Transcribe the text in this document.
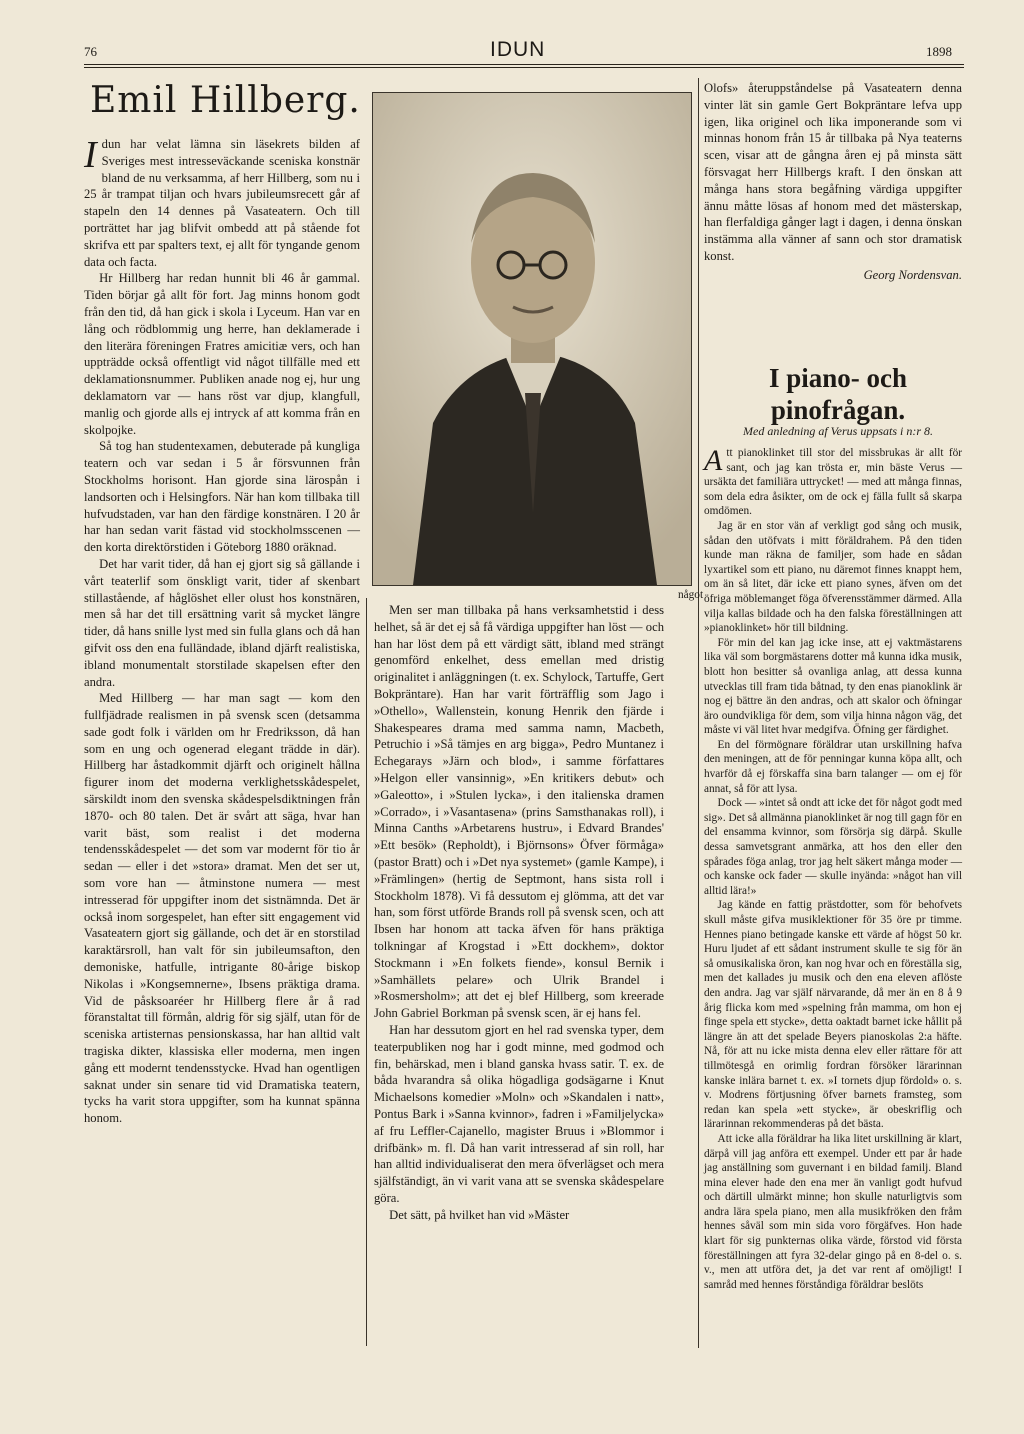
76	IDUN	1898
Emil Hillberg.

Idun har velat lämna sin läsekrets bilden af Sveriges mest intresseväckande sceniska konstnär bland de nu verksamma, af herr Hillberg, som nu i 25 år trampat tiljan och hvars jubileumsrecett går af stapeln den 14 dennes på Vasateatern. Och till porträttet har jag blifvit ombedd att på stående fot skrifva ett par spalters text, ej allt för tyngande genom data och facta.

Hr Hillberg har redan hunnit bli 46 år gammal. Tiden börjar gå allt för fort. Jag minns honom godt från den tid, då han gick i skola i Lyceum. Han var en lång och rödblommig ung herre, han deklamerade i den literära föreningen Fratres amicitiæ vers, och han uppträdde också offentligt vid något tillfälle med ett deklamationsnummer. Publiken anade nog ej, hur ung deklamatorn var — hans röst var djup, klangfull, manlig och gjorde alls ej intryck af att komma från en skolpojke.

Så tog han studentexamen, debuterade på kungliga teatern och var sedan i 5 år försvunnen från Stockholms horisont. Han gjorde sina lärospån i landsorten och i Helsingfors. När han kom tillbaka till hufvudstaden, var han den färdige konstnären. I 20 år har han sedan varit fästad vid stockholmsscenen — den korta direktörstiden i Göteborg 1880 oräknad.

Det har varit tider, då han ej gjort sig så gällande i vårt teaterlif som önskligt varit, tider af skenbart stillastående, af håglöshet eller olust hos konstnären, men så har det till ersättning varit så mycket längre tider, då hans snille lyst med sin fulla glans och då han gifvit oss den ena fulländade, ibland djärft realistiska, ibland monumentalt storstilade skapelsen efter den andra.

Med Hillberg — har man sagt — kom den fullfjädrade realismen in på svensk scen (detsamma sade godt folk i världen om hr Fredriksson, då han som en ung och ogenerad elegant trädde in där). Hillberg har åstadkommit djärft och originelt hållna figurer inom det moderna verklighetsskådespelet, särskildt inom den svenska skådespelsdiktningen från 1870- och 80 talen. Det är svårt att säga, hvar han varit bäst, som realist i det moderna tendensskådespelet — det som var modernt för tio år sedan — eller i det »stora» dramat. Men det ser ut, som vore han — åtminstone numera — mest intresserad för uppgifter inom det sistnämnda. Det är också inom sorgespelet, han efter sitt engagement vid Vasateatern gjort sig gällande, och det är en storstilad karaktärsroll, han valt för sin jubileumsafton, den demoniske, hatfulle, intrigante 80-årige biskop Nikolas i »Kongsemnerne», Ibsens präktiga drama. Vid de påsksoaréer hr Hillberg flere år å rad föranstaltat till förmån, aldrig för sig själf, utan för de sceniska artisternas pensionskassa, har han alltid valt tragiska dikter, klassiska eller moderna, men ingen gång ett modernt tendensstycke. Hvad han ogentligen saknat under sin senare tid vid Dramatiska teatern, tycks ha varit stora uppgifter, som ha kunnat spänna honom.

Men ser man tillbaka på hans verksamhetstid i dess helhet, så är det ej så få värdiga uppgifter han löst — och han har löst dem på ett värdigt sätt, ibland med strängt genomförd enkelhet, dess emellan med dristig originalitet i anläggningen (t. ex. Schylock, Tartuffe, Gert Bokpräntare). Han har varit förträfflig som Jago i »Othello», Wallenstein, konung Henrik den fjärde i Shakespeares drama med samma namn, Macbeth, Petruchio i »Så tämjes en arg bigga», Pedro Muntanez i Echegarays »Järn och blod», i samme författares »Helgon eller vansinnig», »En kritikers debut» och »Galeotto», i »Stulen lycka», i den italienska dramen »Corrado», i »Vasantasena» (prins Samsthanakas roll), i Minna Canths »Arbetarens hustru», i Edvard Brandes' »Ett besök» (Repholdt), i Björnsons» Öfver förmåga» (pastor Bratt) och i »Det nya systemet» (gamle Kampe), i »Främlingen» (hertig de Septmont, hans sista roll i Stockholm 1878). Vi få dessutom ej glömma, att det var han, som först utförde Brands roll på svensk scen, och att Ibsen har honom att tacka äfven för hans präktiga tolkningar af Krogstad i »Ett dockhem», doktor Stockmann i »En folkets fiende», konsul Bernik i »Samhällets pelare» och Ulrik Brandel i »Rosmersholm»; att det ej blef Hillberg, som kreerade John Gabriel Borkman på svensk scen, är ej hans fel.

Han har dessutom gjort en hel rad svenska typer, dem teaterpubliken nog har i godt minne, med godmod och fin, behärskad, men i bland ganska hvass satir. T. ex. de båda hvarandra så olika högadliga godsägarne i Knut Michaelsons komedier »Moln» och »Skandalen i natt», Pontus Bark i »Sanna kvinnor», fadren i »Familjelycka» af fru Leffler-Cajanello, magister Bruus i »Blommor i drifbänk» m. fl. Då han varit intresserad af sin roll, har han alltid individualiserat den mera öfverlägset och mera själfständigt, än vi varit vana att se svenska skådespelare göra.

Det sätt, på hvilket han vid »Mäster

Olofs» återuppståndelse på Vasateatern denna vinter lät sin gamle Gert Bokpräntare lefva upp igen, lika originel och lika imponerande som vi minnas honom från 15 år tillbaka på Nya teaterns scen, visar att de gångna åren ej på minsta sätt försvagat herr Hillbergs kraft. I den önskan att många hans stora begåfning värdiga uppgifter ännu måtte lösas af honom med det mästerskap, han flerfaldiga gånger lagt i dagen, i denna önskan instämma alla vänner af sann och stor dramatisk konst.

Georg Nordensvan.
I piano- och pinofrågan.
Med anledning af Verus uppsats i n:r 8.
något

Att pianoklinket till stor del missbrukas är allt för sant, och jag kan trösta er, min bäste Verus — ursäkta det familiära uttrycket! — med att många finnas, som dela edra åsikter, om de ock ej fälla fullt så skarpa omdömen.

Jag är en stor vän af verkligt god sång och musik, sådan den utöfvats i mitt föräldrahem. På den tiden kunde man räkna de familjer, som hade en sådan lyxartikel som ett piano, nu däremot finnes knappt hem, om än så litet, där icke ett piano synes, äfven om det öfriga möblemanget föga öfverensstämmer därmed. Alla vilja kallas bildade och ha den falska föreställningen att »pianoklinket» hör till bildning.

För min del kan jag icke inse, att ej vaktmästarens lika väl som borgmästarens dotter må kunna idka musik, blott hon besitter så ovanliga anlag, att dessa kunna utvecklas till fram tida båtnad, ty den enas pianoklink är nog ej bättre än den andras, och att skalor och öfningar äro oundvikliga för dem, som vilja hinna någon väg, det måste vi väl litet hvar medgifva. Öfning ger färdighet.

En del förmögnare föräldrar utan urskillning hafva den meningen, att de för penningar kunna köpa allt, och hvarför då ej förskaffa sina barn talanger — om ej för annat, så för att lysa.

Dock — »intet så ondt att icke det för något godt med sig». Det så allmänna pianoklinket är nog till gagn för en del ensamma kvinnor, som försörja sig därpå. Skulle dessa samvetsgrant anmärka, att hos den eller den spårades föga anlag, tror jag helt säkert många moder — och kanske ock fader — skulle inyända: »något han vill alltid lära!»

Jag kände en fattig prästdotter, som för behofvets skull måste gifva musiklektioner för 35 öre pr timme. Hennes piano betingade kanske ett värde af högst 50 kr. Huru ljudet af ett sådant instrument skulle te sig för än så omusikaliska öron, kan nog hvar och en föreställa sig, men det kallades ju musik och den ena eleven aflöste den andra. Jag var själf närvarande, då mer än en 8 å 9 årig flicka kom med »spelning från mamma, om hon ej finge spela ett stycke», detta oaktadt barnet icke hållit på längre än att det spelade Beyers pianoskolas 2:a häfte. Nå, för att nu icke mista denna elev eller rättare för att tillmötesgå en orimlig fordran försöker lärarinnan kanske inlära barnet t. ex. »I tornets djup fördold» o. s. v. Modrens förtjusning öfver barnets framsteg, som redan kan spela »ett stycke», är obeskriflig och lärarinnan rekommenderas på det bästa.

Att icke alla föräldrar ha lika litet urskillning är klart, därpå vill jag anföra ett exempel. Under ett par år hade jag anställning som guvernant i en bildad familj. Bland mina elever hade den ena mer än vanligt godt hufvud och därtill ulmärkt minne; hon skulle naturligtvis som andra lära spela piano, men alla musikfröken den fråm hennes såväl som min sida voro förgäfves. Hon hade klart för sig punkternas olika värde, förstod vid första föreställningen att fyra 32-delar gingo på en 8-del o. s. v., men att utföra det, ja det var rent af omöjligt! I samråd med hennes förståndiga föräldrar beslöts
